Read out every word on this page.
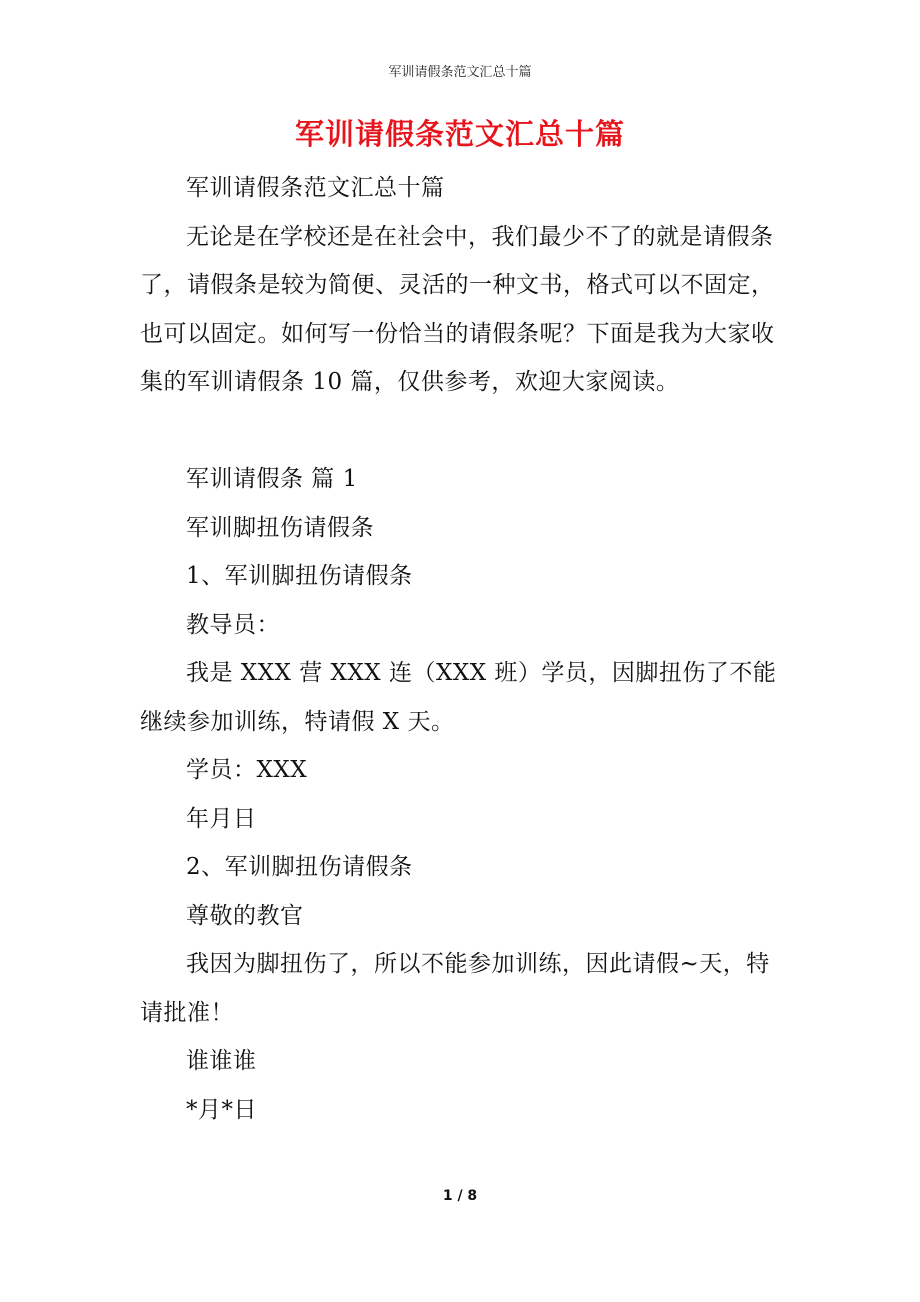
军训请假条范文汇总十篇
军训请假条范文汇总十篇

军训请假条范文汇总十篇

无论是在学校还是在社会中，我们最少不了的就是请假条了，请假条是较为简便、灵活的一种文书，格式可以不固定，也可以固定。如何写一份恰当的请假条呢？下面是我为大家收集的军训请假条 10 篇，仅供参考，欢迎大家阅读。

军训请假条 篇 1

军训脚扭伤请假条

1、军训脚扭伤请假条

教导员：

我是 XXX 营 XXX 连（XXX 班）学员，因脚扭伤了不能继续参加训练，特请假 X 天。

学员：XXX

年月日

2、军训脚扭伤请假条

尊敬的教官

我因为脚扭伤了，所以不能参加训练，因此请假~天，特请批准！

谁谁谁

*月*日

1 / 8
